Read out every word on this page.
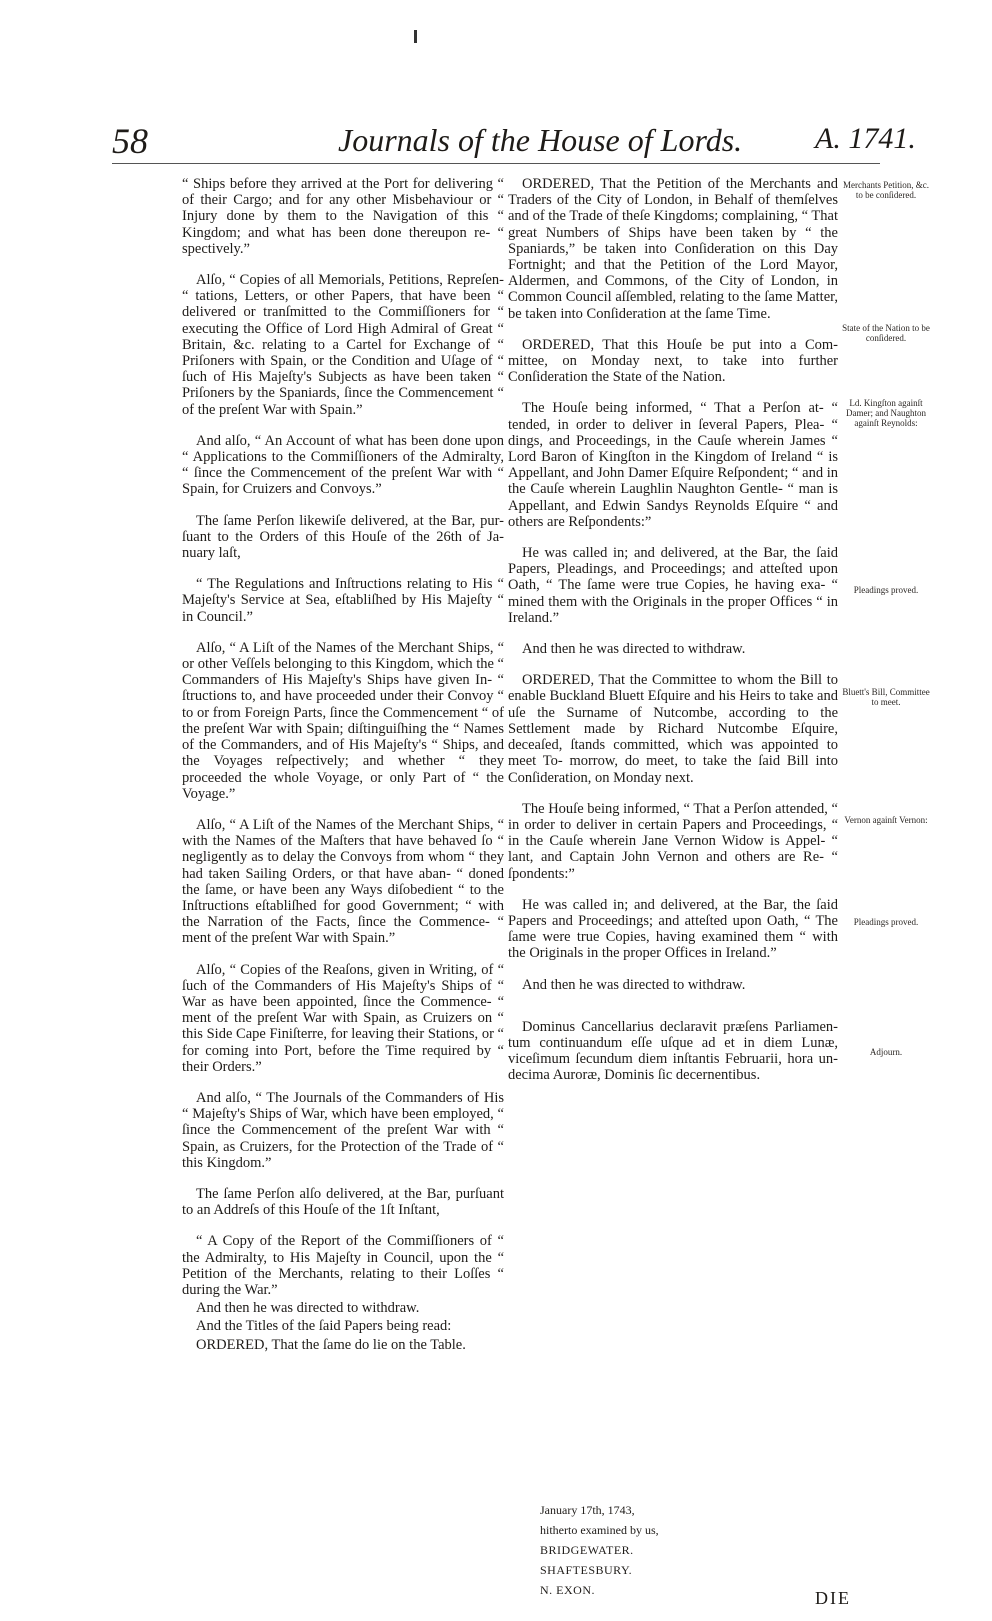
58	Journals of the House of Lords. A. 1741.

“ Ships before they arrived at the Port for delivering “ of their Cargo; and for any other Misbehaviour or “ Injury done by them to the Navigation of this “ Kingdom; and what has been done thereupon re- “ spectively.”

Alſo, “ Copies of all Memorials, Petitions, Repreſen- “ tations, Letters, or other Papers, that have been “ delivered or tranſmitted to the Commiſſioners for “ executing the Office of Lord High Admiral of Great “ Britain, &c. relating to a Cartel for Exchange of “ Priſoners with Spain, or the Condition and Uſage of “ ſuch of His Majeſty's Subjects as have been taken “ Priſoners by the Spaniards, ſince the Commencement “ of the preſent War with Spain.”

And alſo, “ An Account of what has been done upon “ Applications to the Commiſſioners of the Admiralty, “ ſince the Commencement of the preſent War with “ Spain, for Cruizers and Convoys.”

The ſame Perſon likewiſe delivered, at the Bar, pur- ſuant to the Orders of this Houſe of the 26th of Ja- nuary laſt,

“ The Regulations and Inſtructions relating to His “ Majeſty's Service at Sea, eſtabliſhed by His Majeſty “ in Council.”

Alſo, “ A Liſt of the Names of the Merchant Ships, “ or other Veſſels belonging to this Kingdom, which the “ Commanders of His Majeſty's Ships have given In- “ ſtructions to, and have proceeded under their Convoy “ to or from Foreign Parts, ſince the Commencement “ of the preſent War with Spain; diſtinguiſhing the “ Names of the Commanders, and of His Majeſty's “ Ships, and the Voyages reſpectively; and whether “ they proceeded the whole Voyage, or only Part of “ the Voyage.”

Alſo, “ A Liſt of the Names of the Merchant Ships, “ with the Names of the Maſters that have behaved ſo “ negligently as to delay the Convoys from whom “ they had taken Sailing Orders, or that have aban- “ doned the ſame, or have been any Ways diſobedient “ to the Inſtructions eſtabliſhed for good Government; “ with the Narration of the Facts, ſince the Commence- “ ment of the preſent War with Spain.”

Alſo, “ Copies of the Reaſons, given in Writing, of “ ſuch of the Commanders of His Majeſty's Ships of “ War as have been appointed, ſince the Commence- “ ment of the preſent War with Spain, as Cruizers on “ this Side Cape Finiſterre, for leaving their Stations, or “ for coming into Port, before the Time required by “ their Orders.”

And alſo, “ The Journals of the Commanders of His “ Majeſty's Ships of War, which have been employed, “ ſince the Commencement of the preſent War with “ Spain, as Cruizers, for the Protection of the Trade of “ this Kingdom.”

The ſame Perſon alſo delivered, at the Bar, purſuant to an Addreſs of this Houſe of the 1ſt Inſtant,

“ A Copy of the Report of the Commiſſioners of “ the Admiralty, to His Majeſty in Council, upon the “ Petition of the Merchants, relating to their Loſſes “ during the War.”

And then he was directed to withdraw.

And the Titles of the ſaid Papers being read:

ORDERED, That the ſame do lie on the Table.

ORDERED, That the Petition of the Merchants and Traders of the City of London, in Behalf of themſelves and of the Trade of theſe Kingdoms; complaining, “ That great Numbers of Ships have been taken by “ the Spaniards,” be taken into Conſideration on this Day Fortnight; and that the Petition of the Lord Mayor, Aldermen, and Commons, of the City of London, in Common Council aſſembled, relating to the ſame Matter, be taken into Conſideration at the ſame Time.

ORDERED, That this Houſe be put into a Com- mittee, on Monday next, to take into further Conſideration the State of the Nation.

The Houſe being informed, “ That a Perſon at- “ tended, in order to deliver in ſeveral Papers, Plea- “ dings, and Proceedings, in the Cauſe wherein James “ Lord Baron of Kingſton in the Kingdom of Ireland “ is Appellant, and John Damer Eſquire Reſpondent; “ and in the Cauſe wherein Laughlin Naughton Gentle- “ man is Appellant, and Edwin Sandys Reynolds Eſquire “ and others are Reſpondents:”

He was called in; and delivered, at the Bar, the ſaid Papers, Pleadings, and Proceedings; and atteſted upon Oath, “ The ſame were true Copies, he having exa- “ mined them with the Originals in the proper Offices “ in Ireland.”

And then he was directed to withdraw.

ORDERED, That the Committee to whom the Bill to enable Buckland Bluett Eſquire and his Heirs to take and uſe the Surname of Nutcombe, according to the Settlement made by Richard Nutcombe Eſquire, deceaſed, ſtands committed, which was appointed to meet To- morrow, do meet, to take the ſaid Bill into Conſideration, on Monday next.

The Houſe being informed, “ That a Perſon attended, “ in order to deliver in certain Papers and Proceedings, “ in the Cauſe wherein Jane Vernon Widow is Appel- “ lant, and Captain John Vernon and others are Re- “ ſpondents:”

He was called in; and delivered, at the Bar, the ſaid Papers and Proceedings; and atteſted upon Oath, “ The ſame were true Copies, having examined them “ with the Originals in the proper Offices in Ireland.”

And then he was directed to withdraw.

Dominus Cancellarius declaravit præſens Parliamen- tum continuandum eſſe uſque ad et in diem Lunæ, viceſimum ſecundum diem inſtantis Februarii, hora un- decima Auroræ, Dominis ſic decernentibus.

Merchants Petition, &c. to be conſidered.
State of the Nation to be conſidered.
Ld. Kingſton againſt Damer; and Naughton againſt Reynolds:
Pleadings proved.
Bluett's Bill, Committee to meet.
Vernon againſt Vernon:
Pleadings proved.
Adjourn.
January 17th, 1743,
hitherto examined by us,
BRIDGEWATER.
SHAFTESBURY.
N. EXON.	DIE
